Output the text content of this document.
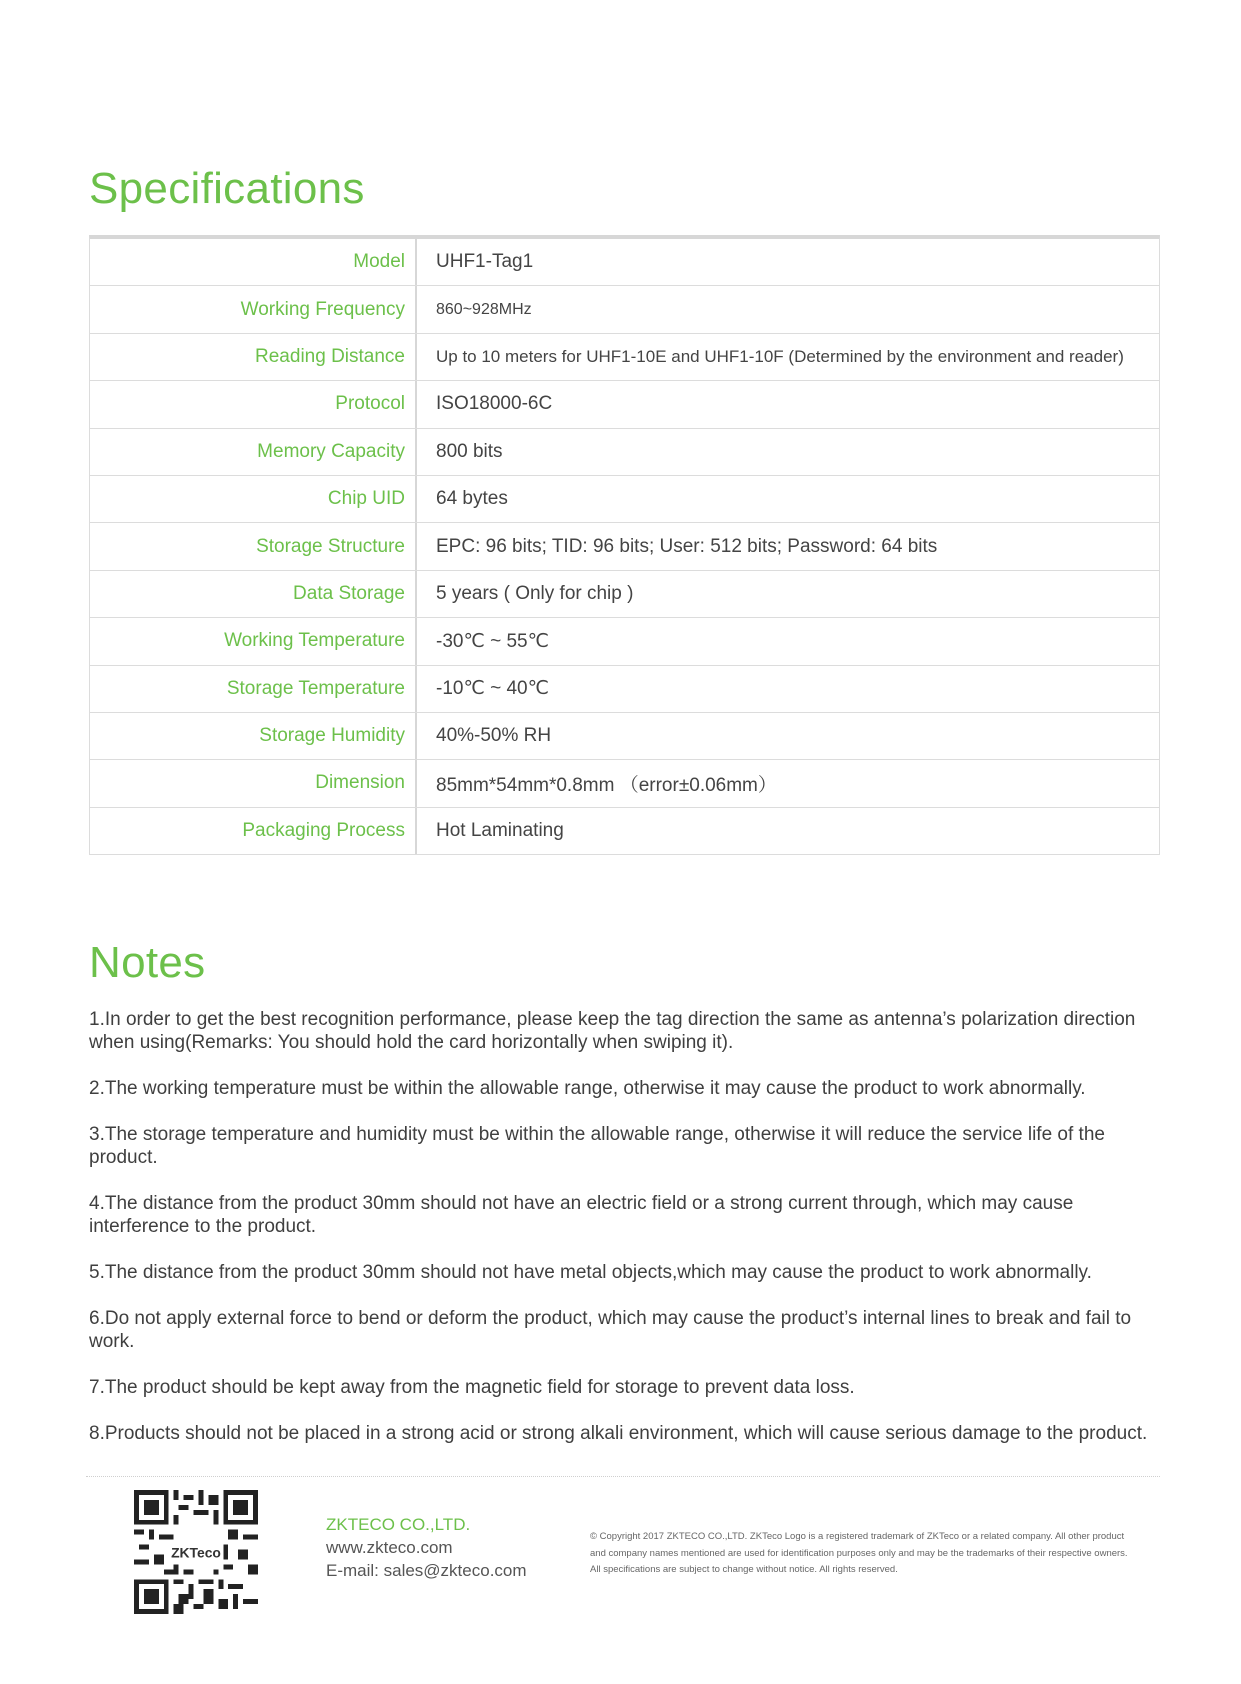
Specifications
Model	UHF1-Tag1
Working Frequency	860~928MHz
Reading Distance	Up to 10 meters for UHF1-10E and UHF1-10F (Determined by the environment and reader)
Protocol	ISO18000-6C
Memory Capacity	800 bits
Chip UID	64 bytes
Storage Structure	EPC: 96 bits; TID: 96 bits; User: 512 bits; Password: 64 bits
Data Storage	5 years ( Only for chip )
Working Temperature	-30℃ ~ 55℃
Storage Temperature	-10℃ ~ 40℃
Storage Humidity	40%-50% RH
Dimension	85mm*54mm*0.8mm （error±0.06mm）
Packaging Process	Hot Laminating
Notes

1.In order to get the best recognition performance, please keep the tag direction the same as antenna’s polarization direction when using(Remarks: You should hold the card horizontally when swiping it).

2.The working temperature must be within the allowable range, otherwise it may cause the product to work abnormally.

3.The storage temperature and humidity must be within the allowable range, otherwise it will reduce the service life of the product.

4.The distance from the product 30mm should not have an electric field or a strong current through, which may cause interference to the product.

5.The distance from the product 30mm should not have metal objects,which may cause the product to work abnormally.

6.Do not apply external force to bend or deform the product, which may cause the product’s internal lines to break and fail to work.

7.The product should be kept away from the magnetic field for storage to prevent data loss.

8.Products should not be placed in a strong acid or strong alkali environment, which will cause serious damage to the product.

ZKTeco
ZKTECO CO.,LTD.
www.zkteco.com
E-mail: sales@zkteco.com

© Copyright 2017 ZKTECO CO.,LTD. ZKTeco Logo is a registered trademark of ZKTeco or a related company. All other product and company names mentioned are used for identification purposes only and may be the trademarks of their respective owners. All specifications are subject to change without notice. All rights reserved.
